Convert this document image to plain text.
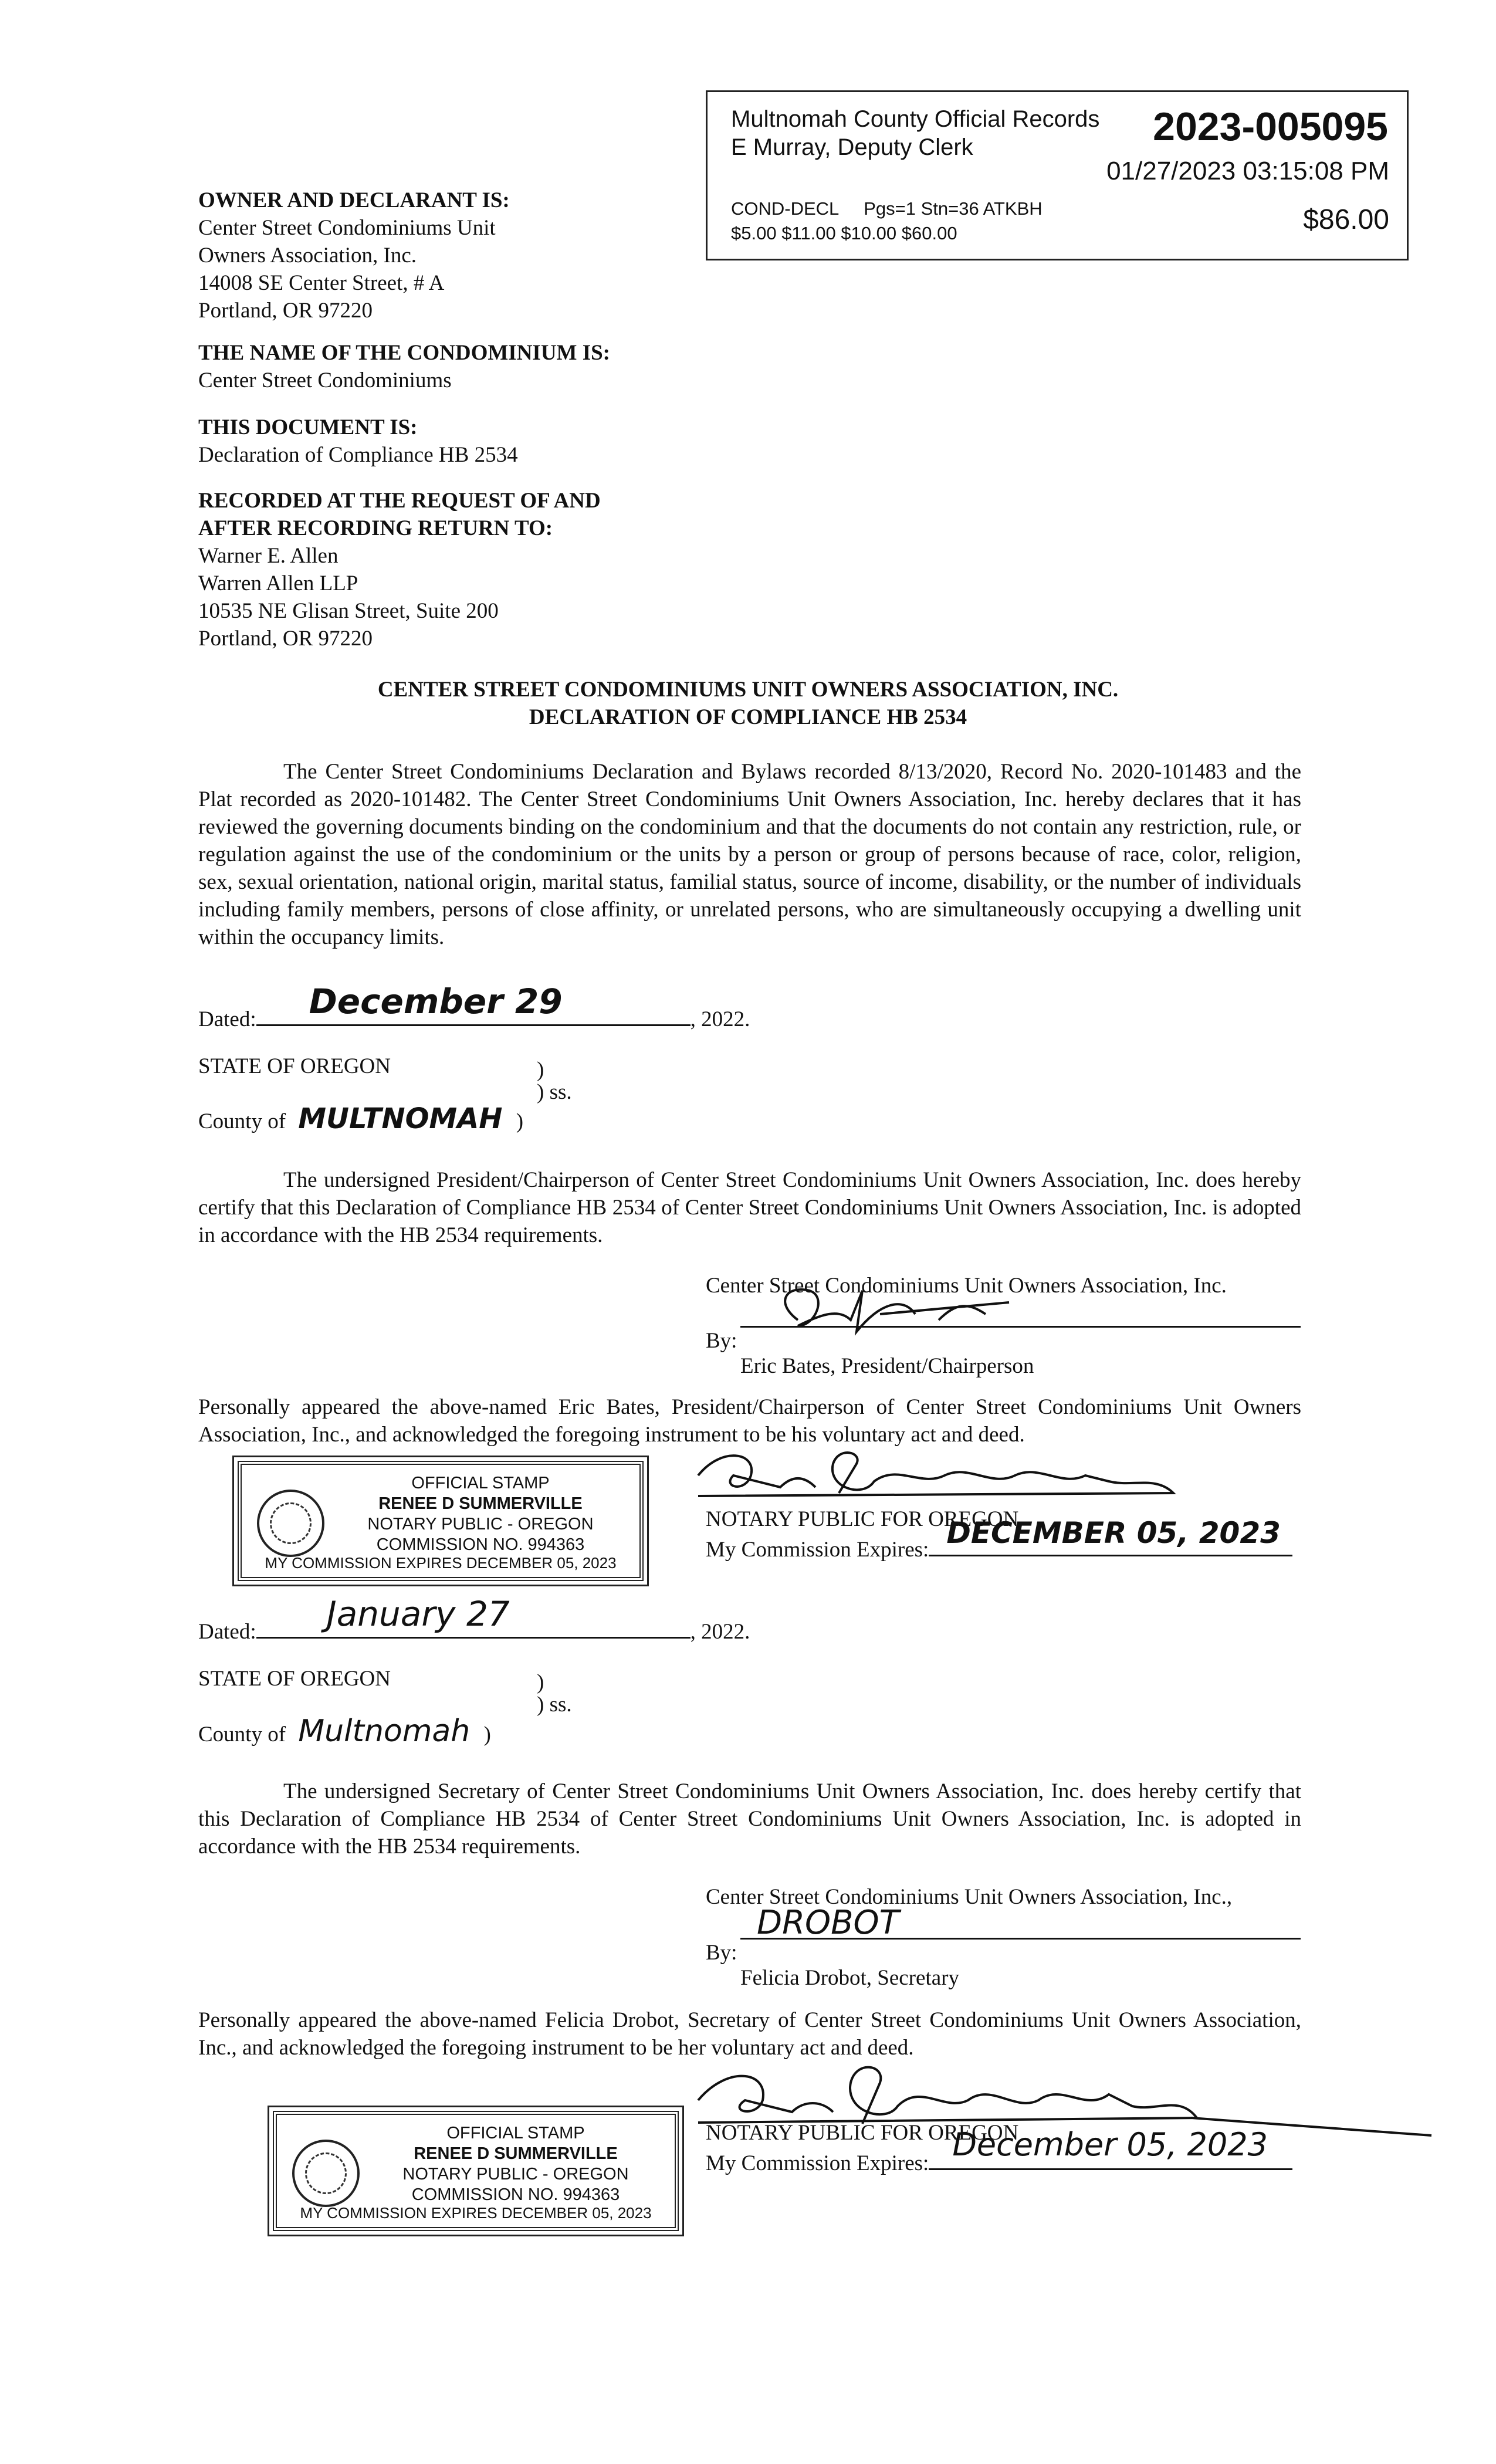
Multnomah County Official Records
E Murray, Deputy Clerk	2023-005095
01/27/2023 03:15:08 PM
COND-DECL     Pgs=1 Stn=36 ATKBH
$5.00 $11.00 $10.00 $60.00	$86.00
OWNER AND DECLARANT IS:
Center Street Condominiums Unit
Owners Association, Inc.
14008 SE Center Street, # A
Portland, OR 97220
THE NAME OF THE CONDOMINIUM IS:
Center Street Condominiums
THIS DOCUMENT IS:
Declaration of Compliance HB 2534
RECORDED AT THE REQUEST OF AND
AFTER RECORDING RETURN TO:
Warner E. Allen
Warren Allen LLP
10535 NE Glisan Street, Suite 200
Portland, OR 97220
CENTER STREET CONDOMINIUMS UNIT OWNERS ASSOCIATION, INC.
DECLARATION OF COMPLIANCE HB 2534

The Center Street Condominiums Declaration and Bylaws recorded 8/13/2020, Record No. 2020-101483 and the Plat recorded as 2020-101482. The Center Street Condominiums Unit Owners Association, Inc. hereby declares that it has reviewed the governing documents binding on the condominium and that the documents do not contain any restriction, rule, or regulation against the use of the condominium or the units by a person or group of persons because of race, color, religion, sex, sexual orientation, national origin, marital status, familial status, source of income, disability, or the number of individuals including family members, persons of close affinity, or unrelated persons, who are simultaneously occupying a dwelling unit within the occupancy limits.

Dated: December 29	, 2022.
STATE OF OREGON	)
) ss.
County of MULTNOMAH )

The undersigned President/Chairperson of Center Street Condominiums Unit Owners Association, Inc. does hereby certify that this Declaration of Compliance HB 2534 of Center Street Condominiums Unit Owners Association, Inc. is adopted in accordance with the HB 2534 requirements.

Center Street Condominiums Unit Owners Association, Inc.
By:
Eric Bates, President/Chairperson
Personally appeared the above-named Eric Bates, President/Chairperson of Center Street Condominiums Unit Owners Association, Inc., and acknowledged the foregoing instrument to be his voluntary act and deed.
OFFICIAL STAMP
RENEE D SUMMERVILLE
NOTARY PUBLIC - OREGON
COMMISSION NO. 994363
MY COMMISSION EXPIRES DECEMBER 05, 2023
NOTARY PUBLIC FOR OREGON
My Commission Expires: DECEMBER 05, 2023
Dated: January 27	, 2022.
STATE OF OREGON	)
) ss.
County of Multnomah )

The undersigned Secretary of Center Street Condominiums Unit Owners Association, Inc. does hereby certify that this Declaration of Compliance HB 2534 of Center Street Condominiums Unit Owners Association, Inc. is adopted in accordance with the HB 2534 requirements.

Center Street Condominiums Unit Owners Association, Inc.,
By:
DROBOT
Felicia Drobot, Secretary
Personally appeared the above-named Felicia Drobot, Secretary of Center Street Condominiums Unit Owners Association, Inc., and acknowledged the foregoing instrument to be her voluntary act and deed.
OFFICIAL STAMP
RENEE D SUMMERVILLE
NOTARY PUBLIC - OREGON
COMMISSION NO. 994363
MY COMMISSION EXPIRES DECEMBER 05, 2023
NOTARY PUBLIC FOR OREGON
My Commission Expires:
December 05, 2023
